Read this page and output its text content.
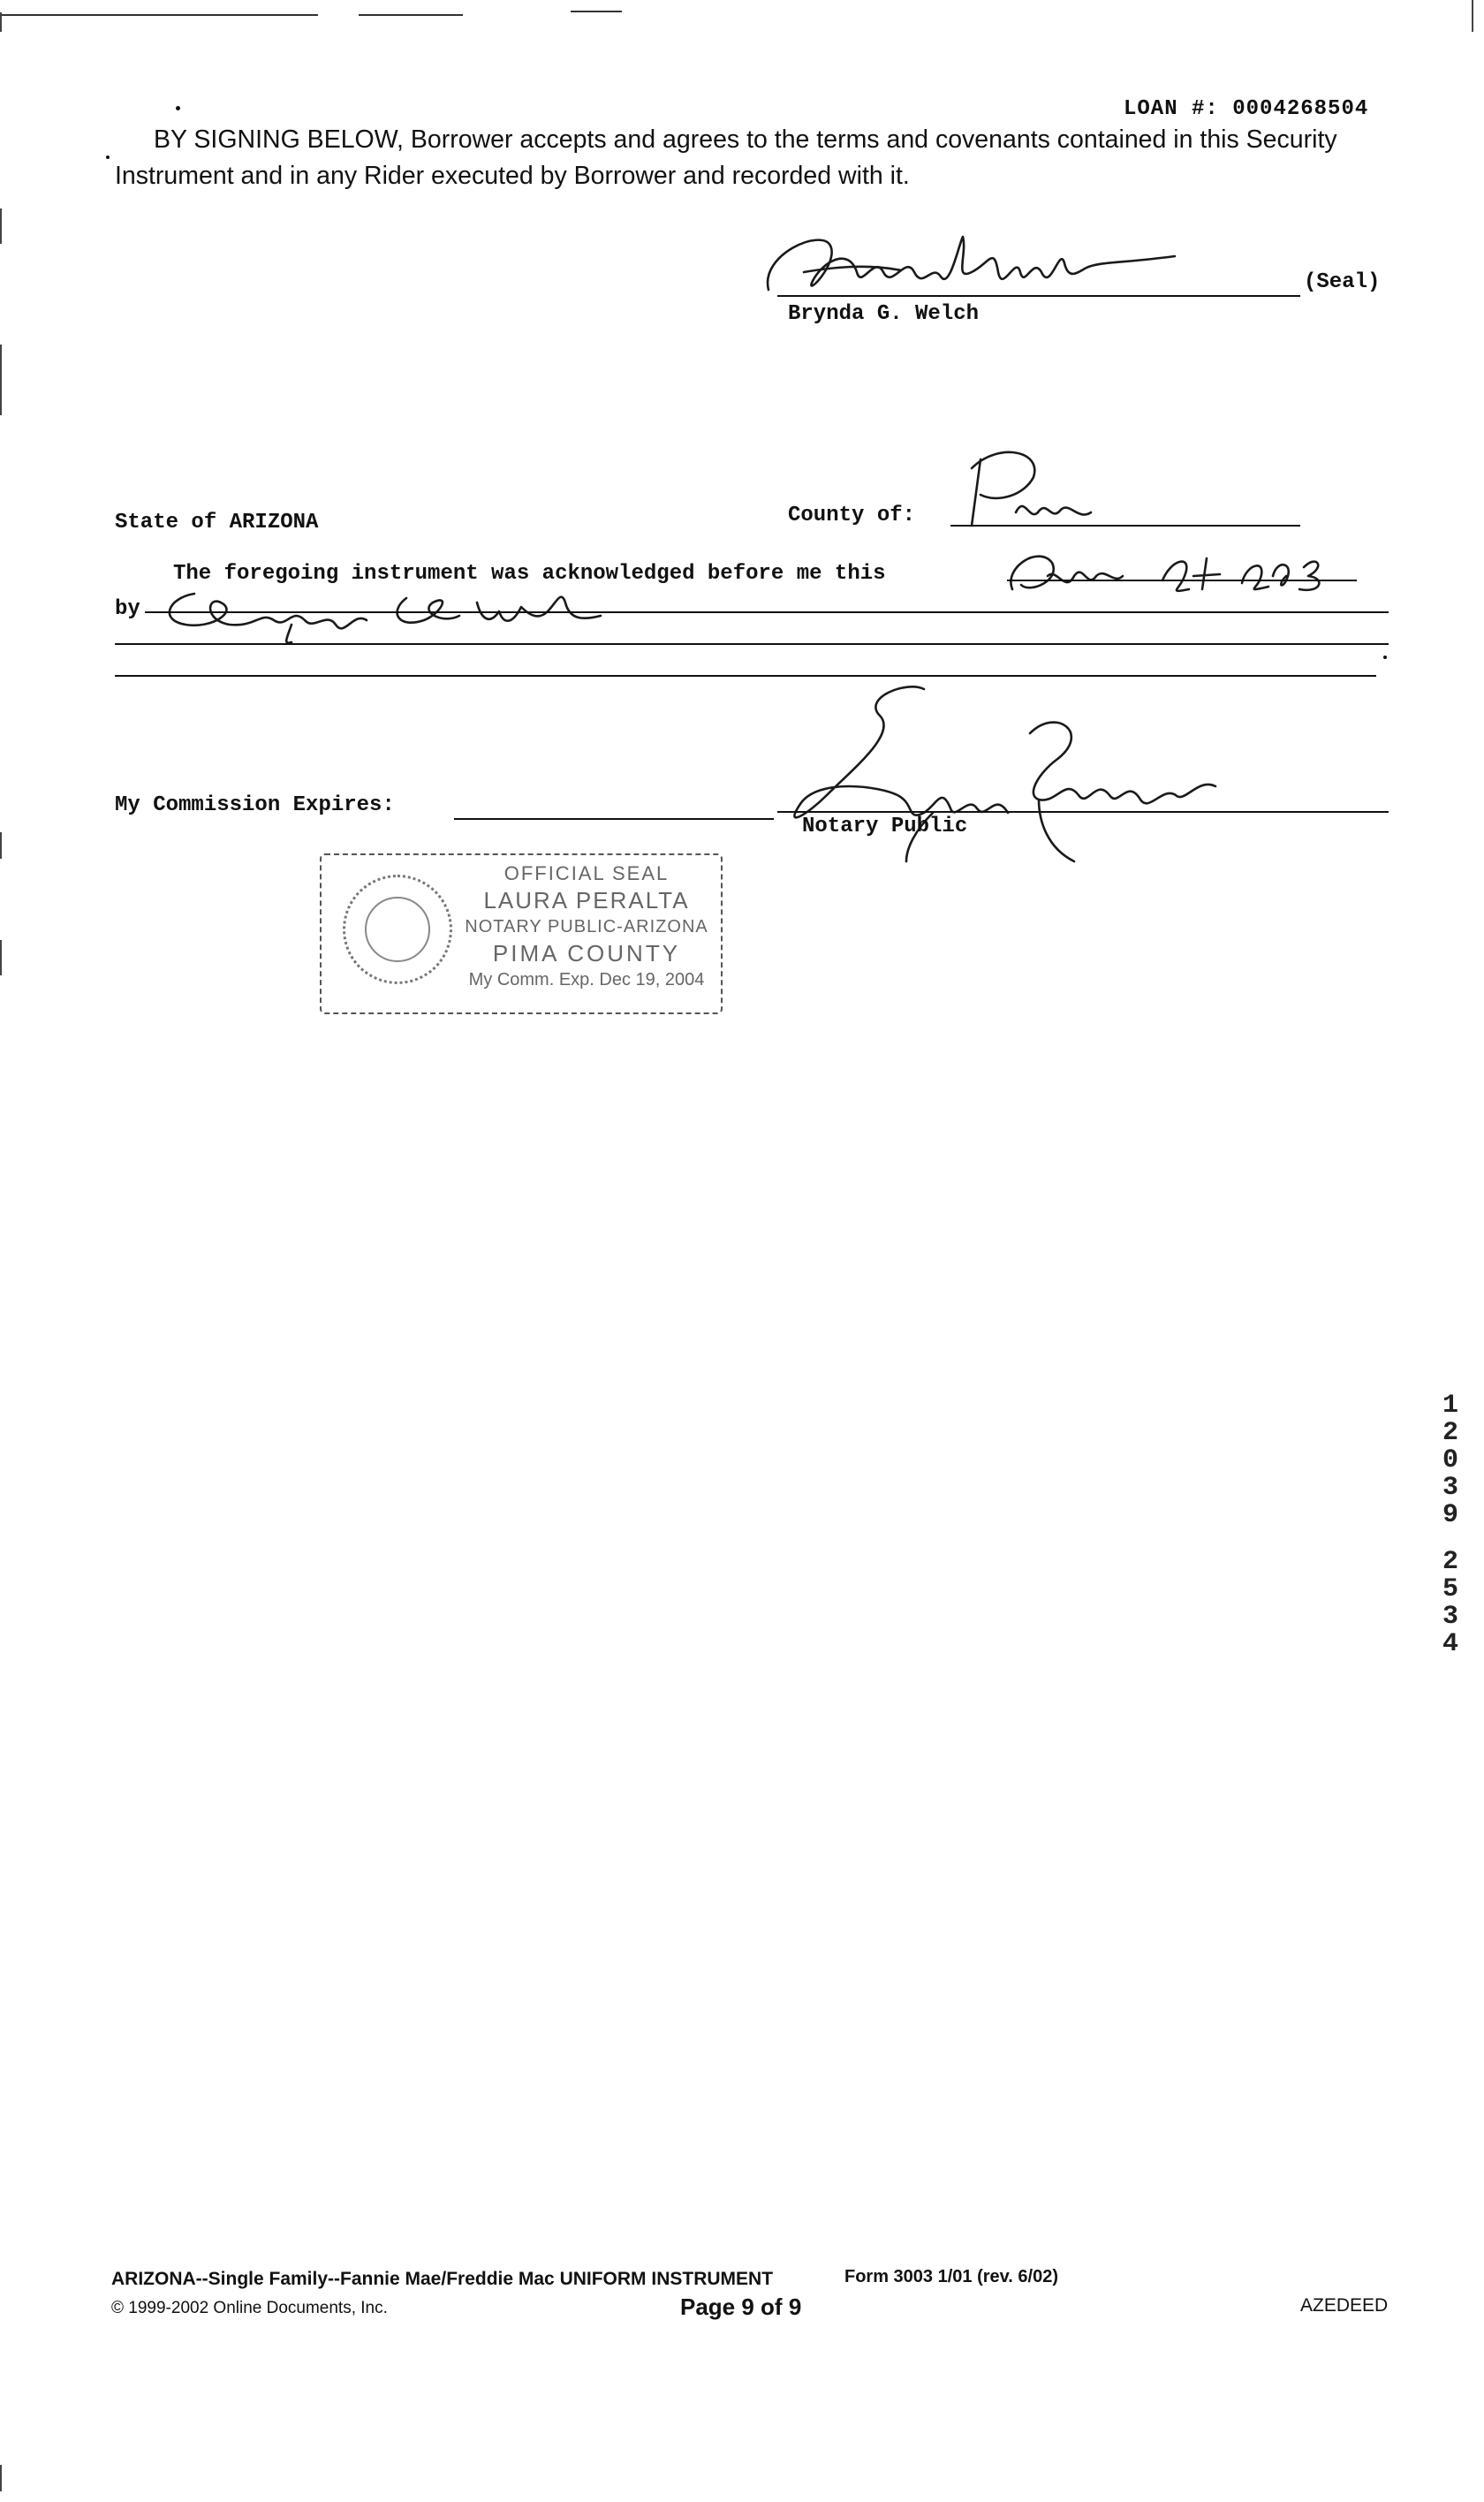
LOAN #: 0004268504

BY SIGNING BELOW, Borrower accepts and agrees to the terms and covenants contained in this Security

Instrument and in any Rider executed by Borrower and recorded with it.

(Seal)
Brynda G. Welch
State of ARIZONA	County of:
The foregoing instrument was acknowledged before me this
by
My Commission Expires:
Notary Public
OFFICIAL SEAL
LAURA PERALTA
NOTARY PUBLIC-ARIZONA
PIMA COUNTY
My Comm. Exp. Dec 19, 2004
1
2
0
3
9
2
5
3
4
ARIZONA--Single Family--Fannie Mae/Freddie Mac UNIFORM INSTRUMENT	Form 3003 1/01 (rev. 6/02)
© 1999-2002 Online Documents, Inc.	Page 9 of 9	AZEDEED
